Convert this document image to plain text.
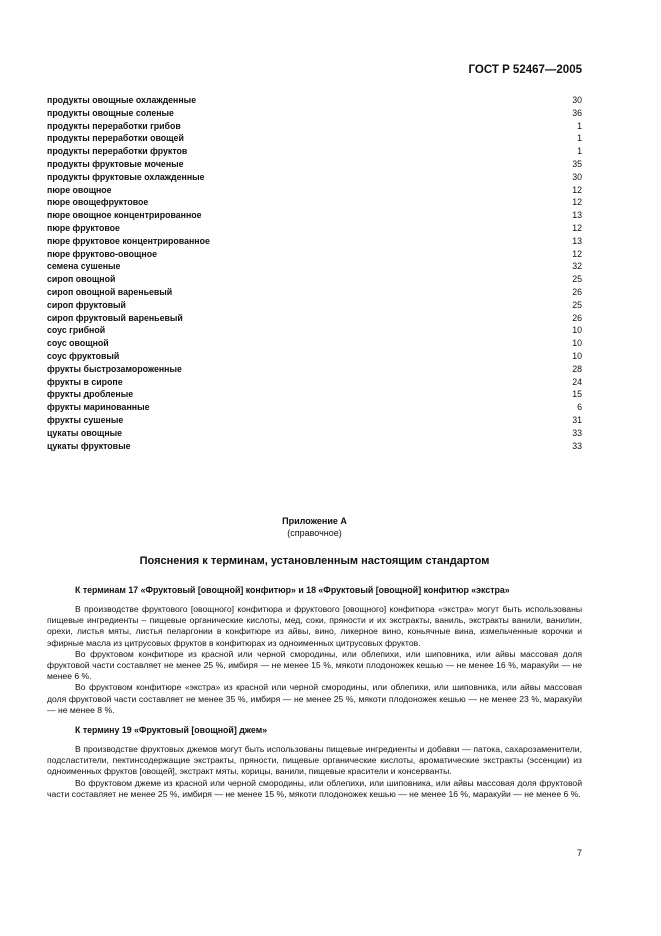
ГОСТ Р 52467—2005
продукты овощные охлажденные	30
продукты овощные соленые	36
продукты переработки грибов	1
продукты переработки овощей	1
продукты переработки фруктов	1
продукты фруктовые моченые	35
продукты фруктовые охлажденные	30
пюре овощное	12
пюре овощефруктовое	12
пюре овощное концентрированное	13
пюре фруктовое	12
пюре фруктовое концентрированное	13
пюре фруктово-овощное	12
семена сушеные	32
сироп овощной	25
сироп овощной вареньевый	26
сироп фруктовый	25
сироп фруктовый вареньевый	26
соус грибной	10
соус овощной	10
соус фруктовый	10
фрукты быстрозамороженные	28
фрукты в сиропе	24
фрукты дробленые	15
фрукты маринованные	6
фрукты сушеные	31
цукаты овощные	33
цукаты фруктовые	33
Приложение А
(справочное)
Пояснения к терминам, установленным настоящим стандартом
К терминам 17 «Фруктовый [овощной] конфитюр» и 18 «Фруктовый [овощной] конфитюр «экстра»

В производстве фруктового [овощного] конфитюра и фруктового [овощного] конфитюра «экстра» могут быть использованы пищевые ингредиенты – пищевые органические кислоты, мед, соки, пряности и их экстракты, ваниль, экстракты ванили, ванилин, орехи, листья мяты, листья пеларгонии в конфитюре из айвы, вино, ликерное вино, коньячные вина, измельченные корочки и эфирные масла из цитрусовых фруктов в конфитюрах из одноименных цитрусовых фруктов.

Во фруктовом конфитюре из красной или черной смородины, или облепихи, или шиповника, или айвы массовая доля фруктовой части составляет не менее 25 %, имбиря — не менее 15 %, мякоти плодоножек кешью — не менее 16 %, маракуйи — не менее 6 %.

Во фруктовом конфитюре «экстра» из красной или черной смородины, или облепихи, или шиповника, или айвы массовая доля фруктовой части составляет не менее 35 %, имбиря — не менее 25 %, мякоти плодоножек кешью — не менее 23 %, маракуйи — не менее 8 %.

К термину 19 «Фруктовый [овощной] джем»

В производстве фруктовых джемов могут быть использованы пищевые ингредиенты и добавки — патока, сахарозаменители, подсластители, пектинсодержащие экстракты, пряности, пищевые органические кислоты, ароматические экстракты (эссенции) из одноименных фруктов [овощей], экстракт мяты, корицы, ванили, пищевые красители и консерванты.

Во фруктовом джеме из красной или черной смородины, или облепихи, или шиповника, или айвы массовая доля фруктовой части составляет не менее 25 %, имбиря — не менее 15 %, мякоти плодоножек кешью — не менее 16 %, маракуйи — не менее 6 %.

7
